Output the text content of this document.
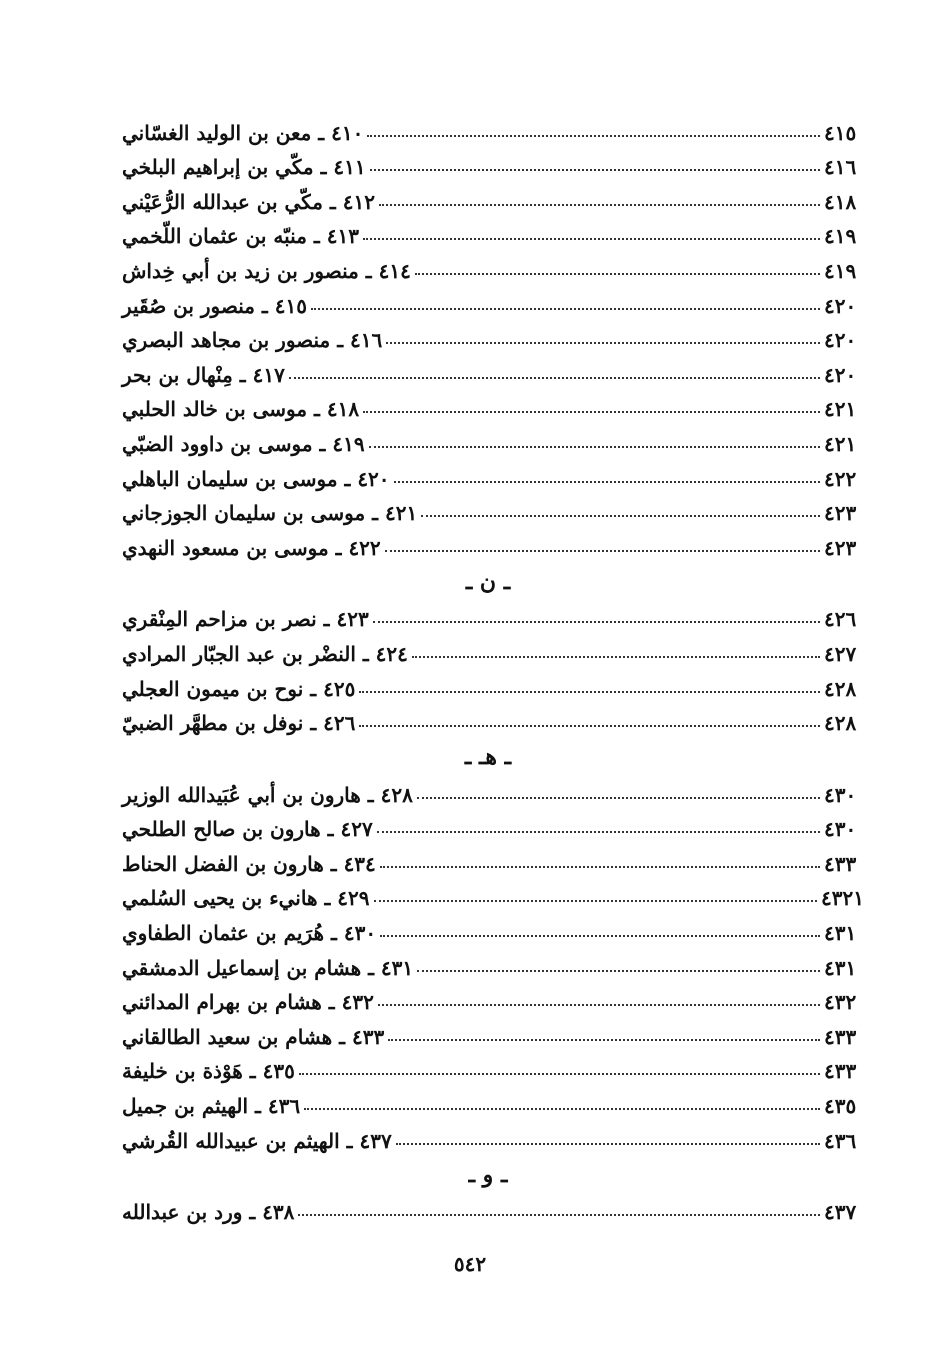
٤١٠ ـ معن بن الوليد الغسّاني	٤١٥
٤١١ ـ مكّي بن إبراهيم البلخي	٤١٦
٤١٢ ـ مكّي بن عبدالله الرُّعَيْني	٤١٨
٤١٣ ـ منبّه بن عثمان اللّخمي	٤١٩
٤١٤ ـ منصور بن زيد بن أبي خِداش	٤١٩
٤١٥ ـ منصور بن صُقَير	٤٢٠
٤١٦ ـ منصور بن مجاهد البصري	٤٢٠
٤١٧ ـ مِنْهال بن بحر	٤٢٠
٤١٨ ـ موسى بن خالد الحلبي	٤٢١
٤١٩ ـ موسى بن داوود الضبّي	٤٢١
٤٢٠ ـ موسى بن سليمان الباهلي	٤٢٢
٤٢١ ـ موسى بن سليمان الجوزجاني	٤٢٣
٤٢٢ ـ موسى بن مسعود النهدي	٤٢٣
ـ ن ـ
٤٢٣ ـ نصر بن مزاحم المِنْقري	٤٢٦
٤٢٤ ـ النضْر بن عبد الجبّار المرادي	٤٢٧
٤٢٥ ـ نوح بن ميمون العجلي	٤٢٨
٤٢٦ ـ نوفل بن مطهَّر الضبيّ	٤٢٨
ـ هـ ـ
٤٢٨ ـ هارون بن أبي عُبَيدالله الوزير	٤٣٠
٤٢٧ ـ هارون بن صالح الطلحي	٤٣٠
٤٣٤ ـ هارون بن الفضل الحناط	٤٣٣
٤٢٩ ـ هانيء بن يحيى السُلمي	٤٣٢١
٤٣٠ ـ هُرَيم بن عثمان الطفاوي	٤٣١
٤٣١ ـ هشام بن إسماعيل الدمشقي	٤٣١
٤٣٢ ـ هشام بن بهرام المدائني	٤٣٢
٤٣٣ ـ هشام بن سعيد الطالقاني	٤٣٣
٤٣٥ ـ هَوْذة بن خليفة	٤٣٣
٤٣٦ ـ الهيثم بن جميل	٤٣٥
٤٣٧ ـ الهيثم بن عبيدالله القُرشي	٤٣٦
ـ و ـ
٤٣٨ ـ ورد بن عبدالله	٤٣٧
٥٤٢
